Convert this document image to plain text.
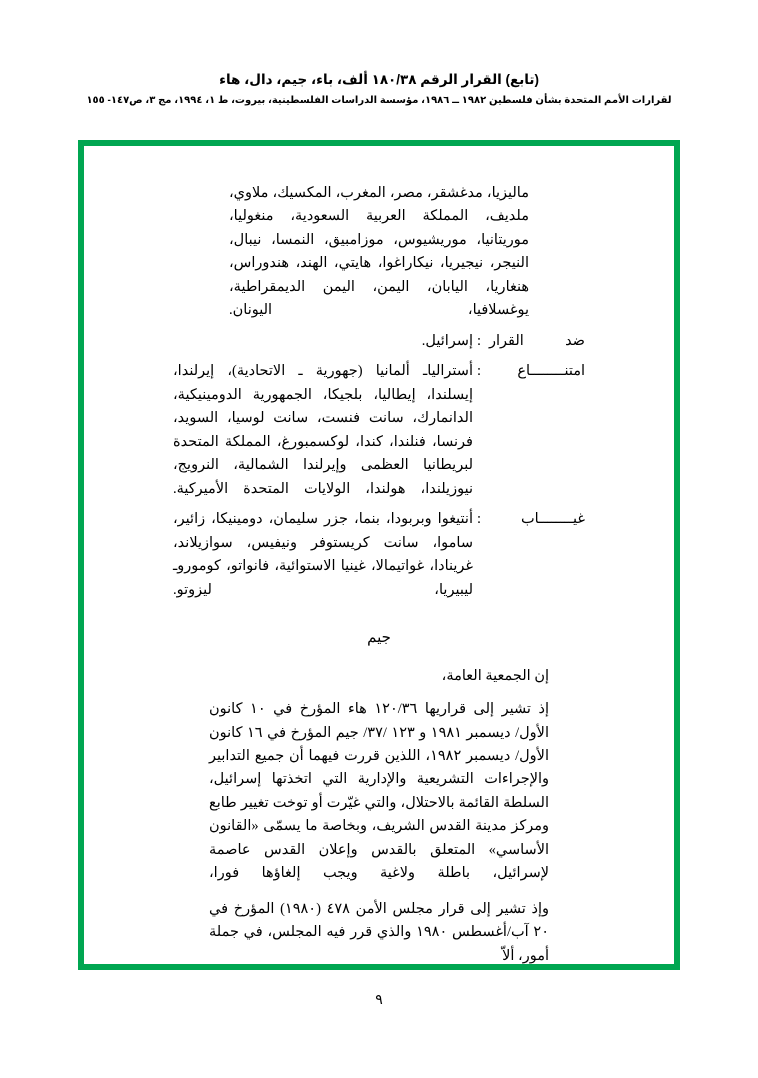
(تابع) القرار الرقم ١٨٠/٣٨ ألف، باء، جيم، دال، هاء
لقرارات الأمم المتحدة بشأن فلسطين ١٩٨٢ ــ ١٩٨٦، مؤسسة الدراسات الفلسطينية، بيروت، ط ١، ١٩٩٤، مج ٣، ص١٤٧- ١٥٥

ماليزيا، مدغشقر، مصر، المغرب، المكسيك، ملاوي، ملديف، المملكة العربية السعودية، منغوليا، موريتانيا، موريشيوس، موزامبيق، النمسا، نيبال، النيجر، نيجيريا، نيكاراغوا، هايتي، الهند، هندوراس، هنغاريا، اليابان، اليمن، اليمن الديمقراطية، يوغسلافيا، اليونان.

ضد القرار
:
إسرائيل.
امتنــــــــاع
:
أسترالياـ ألمانيا (جهورية ـ الاتحادية)، إيرلندا، إيسلندا، إيطاليا، بلجيكا، الجمهورية الدومينيكية، الدانمارك، سانت فنست، سانت لوسيا، السويد، فرنسا، فنلندا، كندا، لوكسمبورغ، المملكة المتحدة لبريطانيا العظمى وإيرلندا الشمالية، النرويج، نيوزيلندا، هولندا، الولايات المتحدة الأميركية.
غيــــــــاب
:
أنتيغوا وبربودا، بنما، جزر سليمان، دومينيكا، زائير، ساموا، سانت كريستوفر ونيفيس، سوازيلاند، غرينادا، غواتيمالا، غينيا الاستوائية، فانواتو، كوموروـ ليبيريا، ليزوتو.
جيم
إن الجمعية العامة،
إذ تشير إلى قراريها ١٢٠/٣٦ هاء المؤرخ في ١٠ كانون الأول/ ديسمبر ١٩٨١ و ١٢٣ /٣٧/ جيم المؤرخ في ١٦ كانون الأول/ ديسمبر ١٩٨٢، اللذين قررت فيهما أن جميع التدابير والإجراءات التشريعية والإدارية التي اتخذتها إسرائيل، السلطة القائمة بالاحتلال، والتي غيّرت أو توخت تغيير طابع ومركز مدينة القدس الشريف، وبخاصة ما يسمّى «القانون الأساسي» المتعلق بالقدس وإعلان القدس عاصمة لإسرائيل، باطلة ولاغية ويجب إلغاؤها فورا،
وإذ تشير إلى قرار مجلس الأمن ٤٧٨ (١٩٨٠) المؤرخ في ٢٠ آب/أغسطس ١٩٨٠ والذي قرر فيه المجلس، في جملة أمور، ألاّ
٩
